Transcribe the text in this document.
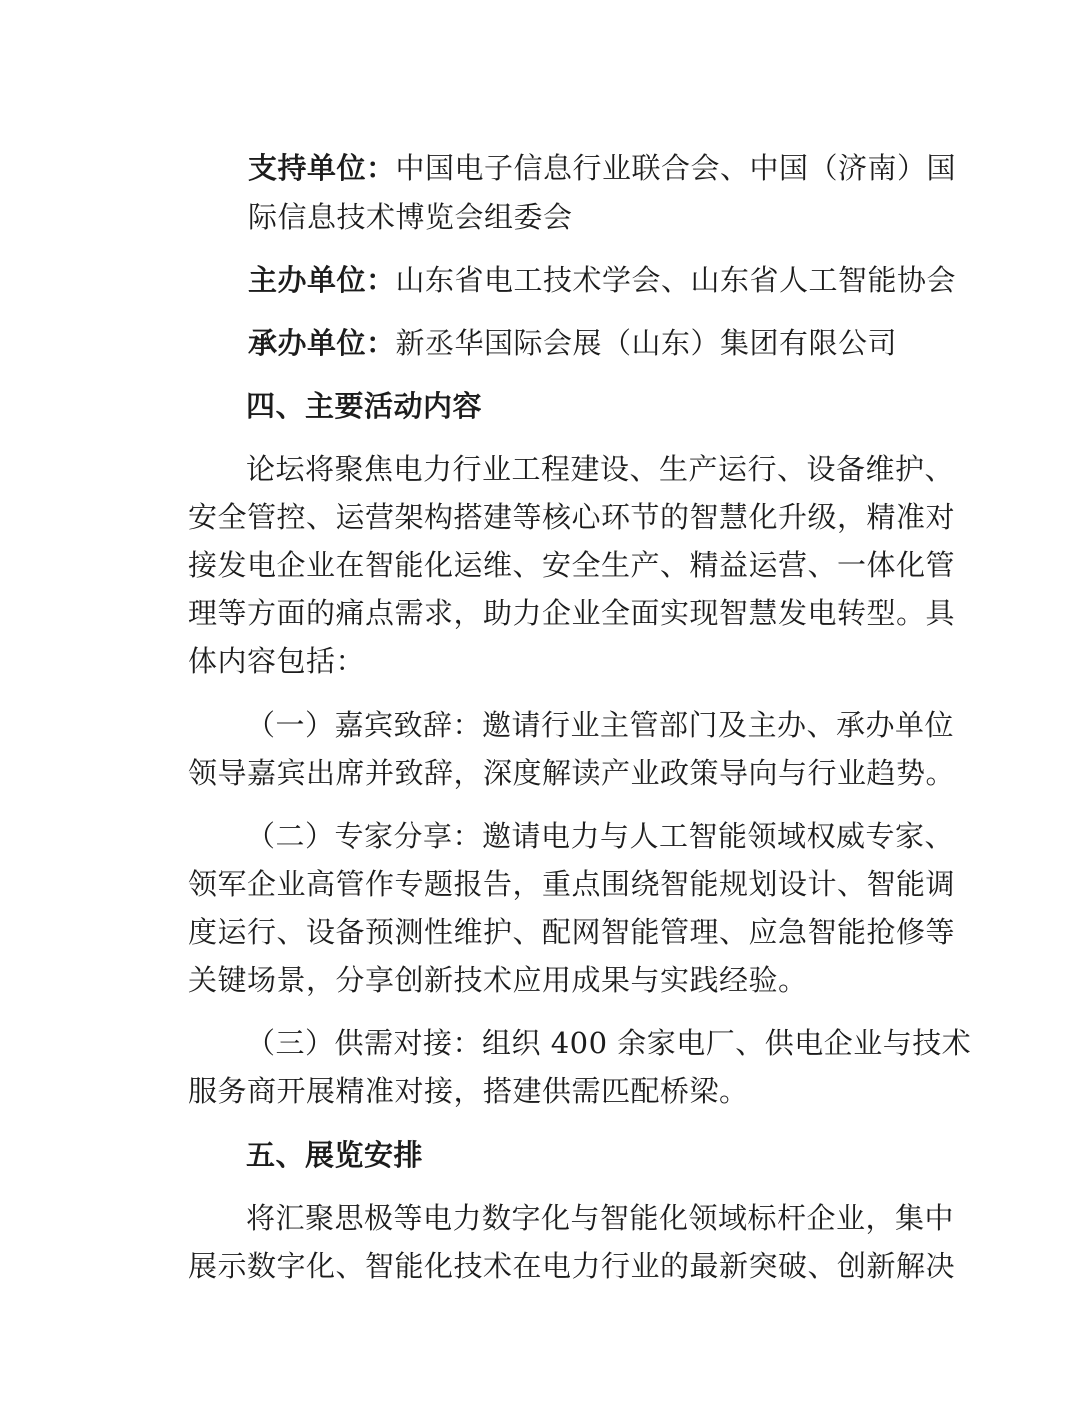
支持单位：中国电子信息行业联合会、中国（济南）国
际信息技术博览会组委会
主办单位：山东省电工技术学会、山东省人工智能协会
承办单位：新丞华国际会展（山东）集团有限公司
四、主要活动内容
论坛将聚焦电力行业工程建设、生产运行、设备维护、
安全管控、运营架构搭建等核心环节的智慧化升级，精准对
接发电企业在智能化运维、安全生产、精益运营、一体化管
理等方面的痛点需求，助力企业全面实现智慧发电转型。具
体内容包括：
（一）嘉宾致辞：邀请行业主管部门及主办、承办单位
领导嘉宾出席并致辞，深度解读产业政策导向与行业趋势。
（二）专家分享：邀请电力与人工智能领域权威专家、
领军企业高管作专题报告，重点围绕智能规划设计、智能调
度运行、设备预测性维护、配网智能管理、应急智能抢修等
关键场景，分享创新技术应用成果与实践经验。
（三）供需对接：组织 400 余家电厂、供电企业与技术
服务商开展精准对接，搭建供需匹配桥梁。
五、展览安排
将汇聚思极等电力数字化与智能化领域标杆企业，集中
展示数字化、智能化技术在电力行业的最新突破、创新解决
